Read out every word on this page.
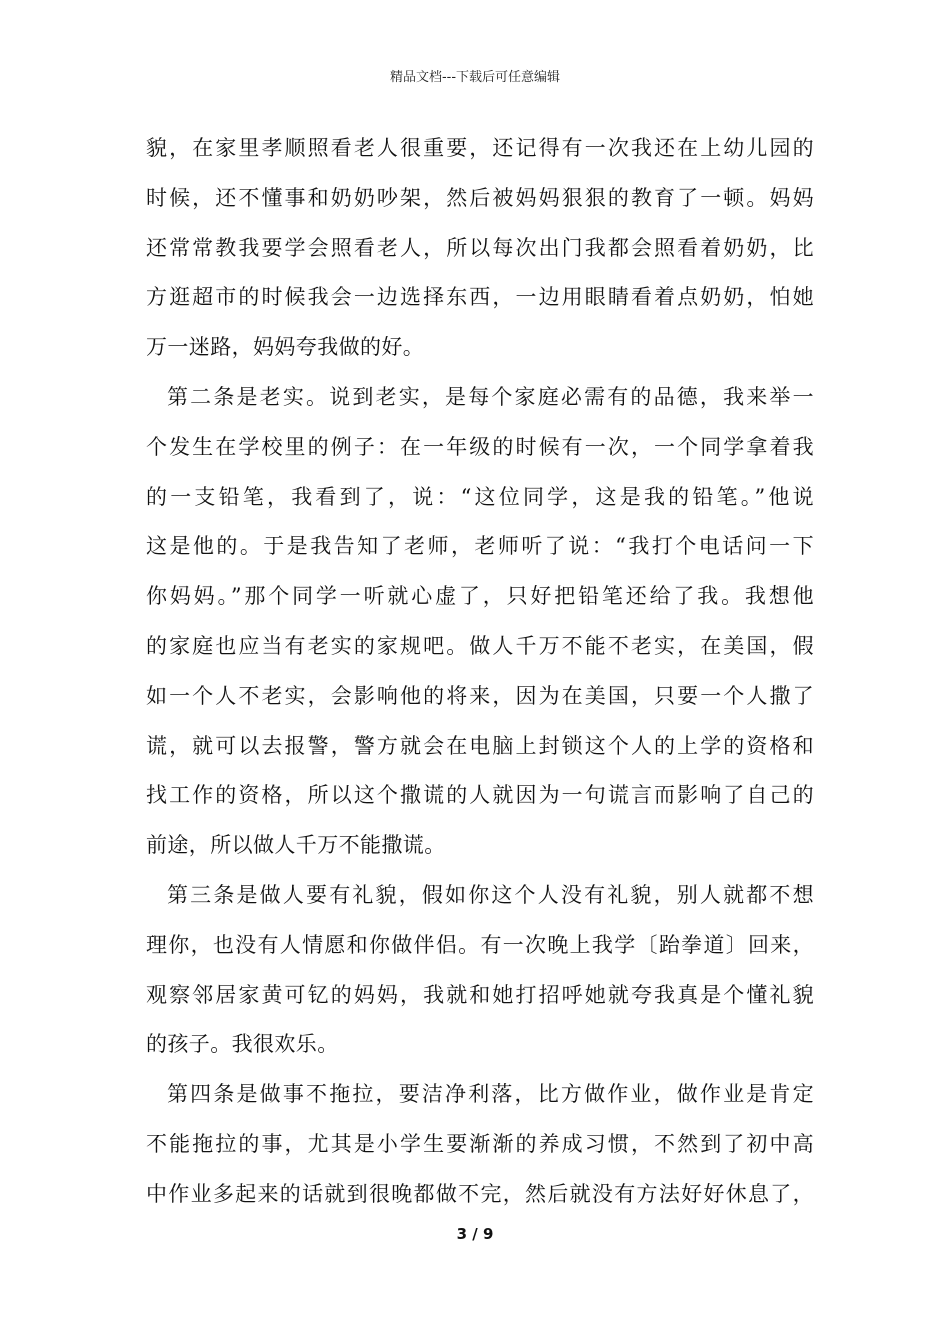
精品文档---下载后可任意编辑
貌，在家里孝顺照看老人很重要，还记得有一次我还在上幼儿园的
时候，还不懂事和奶奶吵架，然后被妈妈狠狠的教育了一顿。妈妈
还常常教我要学会照看老人，所以每次出门我都会照看着奶奶，比
方逛超市的时候我会一边选择东西，一边用眼睛看着点奶奶，怕她
万一迷路，妈妈夸我做的好。
第二条是老实。说到老实，是每个家庭必需有的品德，我来举一
个发生在学校里的例子：在一年级的时候有一次，一个同学拿着我
的一支铅笔，我看到了，说：“这位同学，这是我的铅笔。”他说
这是他的。于是我告知了老师，老师听了说：“我打个电话问一下
你妈妈。”那个同学一听就心虚了，只好把铅笔还给了我。我想他
的家庭也应当有老实的家规吧。做人千万不能不老实，在美国，假
如一个人不老实，会影响他的将来，因为在美国，只要一个人撒了
谎，就可以去报警，警方就会在电脑上封锁这个人的上学的资格和
找工作的资格，所以这个撒谎的人就因为一句谎言而影响了自己的
前途，所以做人千万不能撒谎。
第三条是做人要有礼貌，假如你这个人没有礼貌，别人就都不想
理你，也没有人情愿和你做伴侣。有一次晚上我学〔跆拳道〕回来，
观察邻居家黄可钇的妈妈，我就和她打招呼她就夸我真是个懂礼貌
的孩子。我很欢乐。
第四条是做事不拖拉，要洁净利落，比方做作业，做作业是肯定
不能拖拉的事，尤其是小学生要渐渐的养成习惯，不然到了初中高
中作业多起来的话就到很晚都做不完，然后就没有方法好好休息了，
3 / 9
